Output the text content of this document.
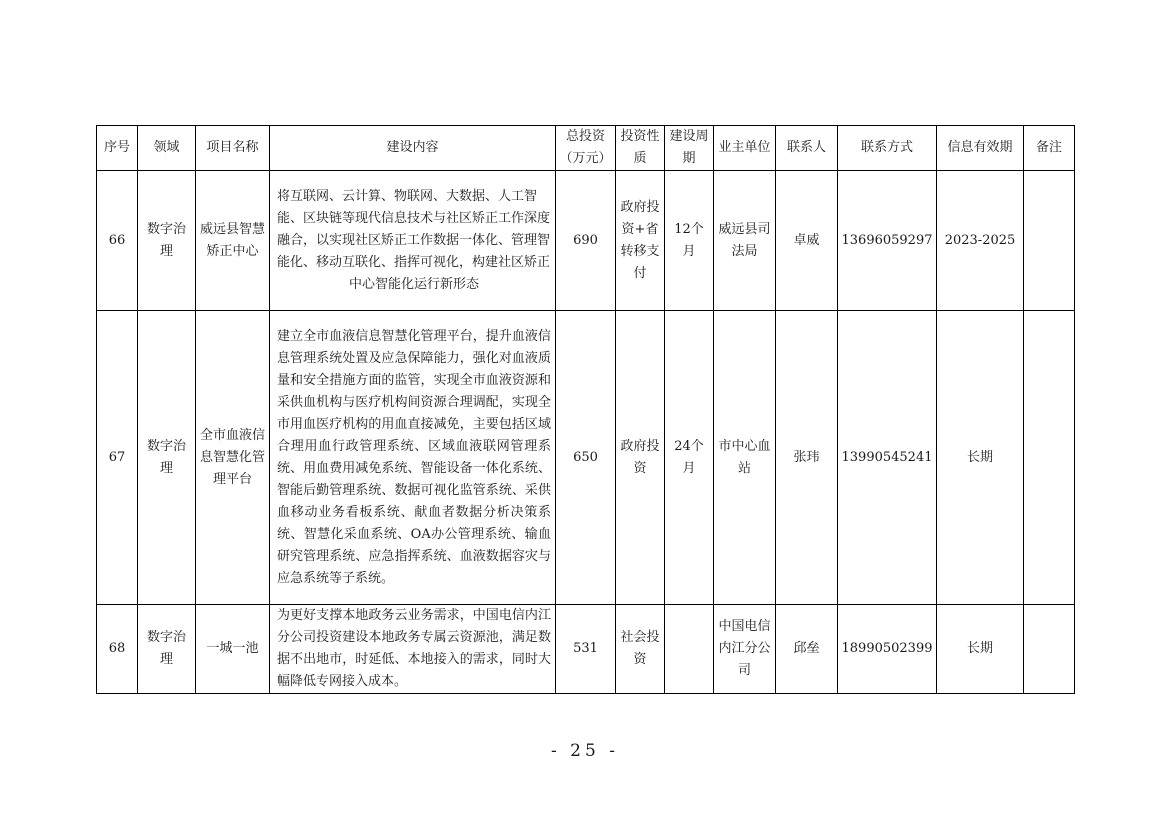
序号	领域	项目名称	建设内容	总投资（万元）	投资性质	建设周期	业主单位	联系人	联系方式	信息有效期	备注
66	数字治理	威远县智慧矫正中心	将互联网、云计算、物联网、大数据、人工智能、区块链等现代信息技术与社区矫正工作深度融合，以实现社区矫正工作数据一体化、管理智能化、移动互联化、指挥可视化，构建社区矫正中心智能化运行新形态	690	政府投资+省转移支付	12个月	威远县司法局	卓威	13696059297	2023-2025	
67	数字治理	全市血液信息智慧化管理平台	建立全市血液信息智慧化管理平台，提升血液信息管理系统处置及应急保障能力，强化对血液质量和安全措施方面的监管，实现全市血液资源和采供血机构与医疗机构间资源合理调配，实现全市用血医疗机构的用血直接减免，主要包括区域合理用血行政管理系统、区域血液联网管理系统、用血费用减免系统、智能设备一体化系统、智能后勤管理系统、数据可视化监管系统、采供血移动业务看板系统、献血者数据分析决策系统、智慧化采血系统、OA办公管理系统、输血研究管理系统、应急指挥系统、血液数据容灾与应急系统等子系统。	650	政府投资	24个月	市中心血站	张玮	13990545241	长期	
68	数字治理	一城一池	为更好支撑本地政务云业务需求，中国电信内江分公司投资建设本地政务专属云资源池，满足数据不出地市，时延低、本地接入的需求，同时大幅降低专网接入成本。	531	社会投资		中国电信内江分公司	邱垒	18990502399	长期	
- 25 -
